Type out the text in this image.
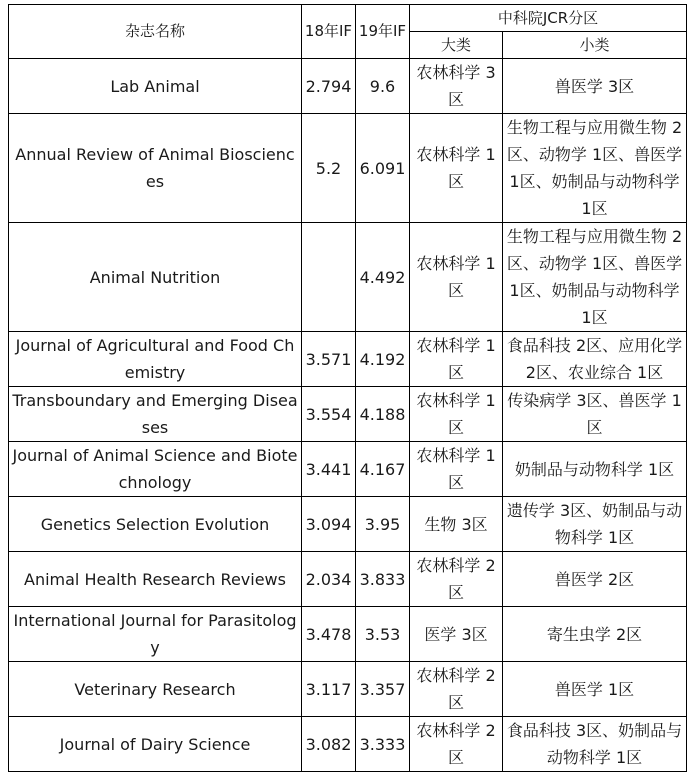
杂志名称	18年IF	19年IF	中科院JCR分区	
			大类	小类
Lab Animal	2.794	9.6	农林科学 3区	兽医学 3区
Annual Review of Animal Biosciences	5.2	6.091	农林科学 1区	生物工程与应用微生物 2区、动物学 1区、兽医学 1区、奶制品与动物科学 1区
Animal Nutrition		4.492	农林科学 1区	生物工程与应用微生物 2区、动物学 1区、兽医学 1区、奶制品与动物科学 1区
Journal of Agricultural and Food Chemistry	3.571	4.192	农林科学 1区	食品科技 2区、应用化学 2区、农业综合 1区
Transboundary and Emerging Diseases	3.554	4.188	农林科学 1区	传染病学 3区、兽医学 1区
Journal of Animal Science and Biotechnology	3.441	4.167	农林科学 1区	奶制品与动物科学 1区
Genetics Selection Evolution	3.094	3.95	生物 3区	遗传学 3区、奶制品与动物科学 1区
Animal Health Research Reviews	2.034	3.833	农林科学 2区	兽医学 2区
International Journal for Parasitology	3.478	3.53	医学 3区	寄生虫学 2区
Veterinary Research	3.117	3.357	农林科学 2区	兽医学 1区
Journal of Dairy Science	3.082	3.333	农林科学 2区	食品科技 3区、奶制品与动物科学 1区
